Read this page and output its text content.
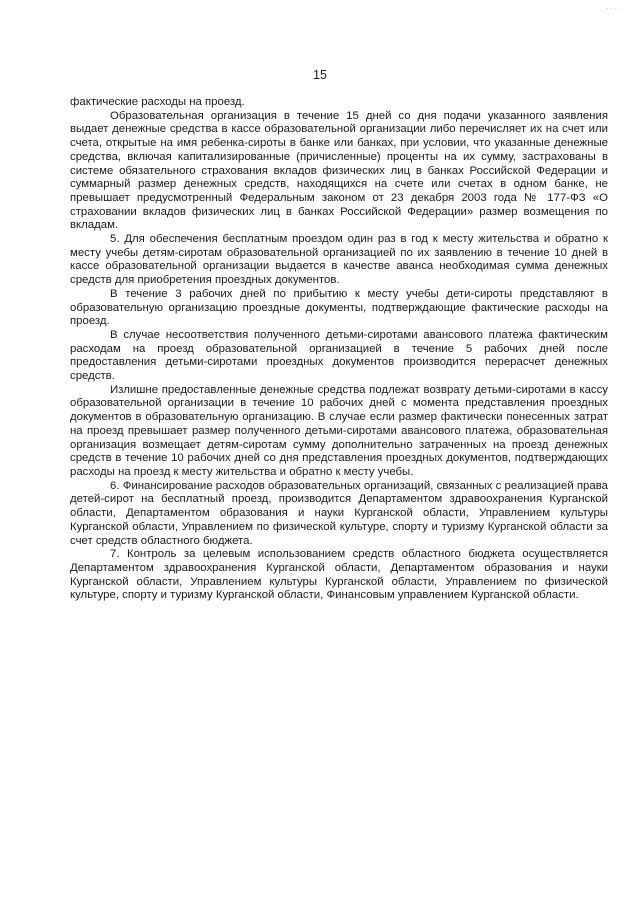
....
15

фактические расходы на проезд.

Образовательная организация в течение 15 дней со дня подачи указанного заявления выдает денежные средства в кассе образовательной организации либо перечисляет их на счет или счета, открытые на имя ребенка-сироты в банке или банках, при условии, что указанные денежные средства, включая капитализированные (причисленные) проценты на их сумму, застрахованы в системе обязательного страхования вкладов физических лиц в банках Российской Федерации и суммарный размер денежных средств, находящихся на счете или счетах в одном банке, не превышает предусмотренный Федеральным законом от 23 декабря 2003 года № 177-ФЗ «О страховании вкладов физических лиц в банках Российской Федерации» размер возмещения по вкладам.

5. Для обеспечения бесплатным проездом один раз в год к месту жительства и обратно к месту учебы детям-сиротам образовательной организацией по их заявлению в течение 10 дней в кассе образовательной организации выдается в качестве аванса необходимая сумма денежных средств для приобретения проездных документов.

В течение 3 рабочих дней по прибытию к месту учебы дети-сироты представляют в образовательную организацию проездные документы, подтверждающие фактические расходы на проезд.

В случае несоответствия полученного детьми-сиротами авансового платежа фактическим расходам на проезд образовательной организацией в течение 5 рабочих дней после предоставления детьми-сиротами проездных документов производится перерасчет денежных средств.

Излишне предоставленные денежные средства подлежат возврату детьми-сиротами в кассу образовательной организации в течение 10 рабочих дней с момента представления проездных документов в образовательную организацию. В случае если размер фактически понесенных затрат на проезд превышает размер полученного детьми-сиротами авансового платежа, образовательная организация возмещает детям-сиротам сумму дополнительно затраченных на проезд денежных средств в течение 10 рабочих дней со дня представления проездных документов, подтверждающих расходы на проезд к месту жительства и обратно к месту учебы.

6. Финансирование расходов образовательных организаций, связанных с реализацией права детей-сирот на бесплатный проезд, производится Департаментом здравоохранения Курганской области, Департаментом образования и науки Курганской области, Управлением культуры Курганской области, Управлением по физической культуре, спорту и туризму Курганской области за счет средств областного бюджета.

7. Контроль за целевым использованием средств областного бюджета осуществляется Департаментом здравоохранения Курганской области, Департаментом образования и науки Курганской области, Управлением культуры Курганской области, Управлением по физической культуре, спорту и туризму Курганской области, Финансовым управлением Курганской области.
